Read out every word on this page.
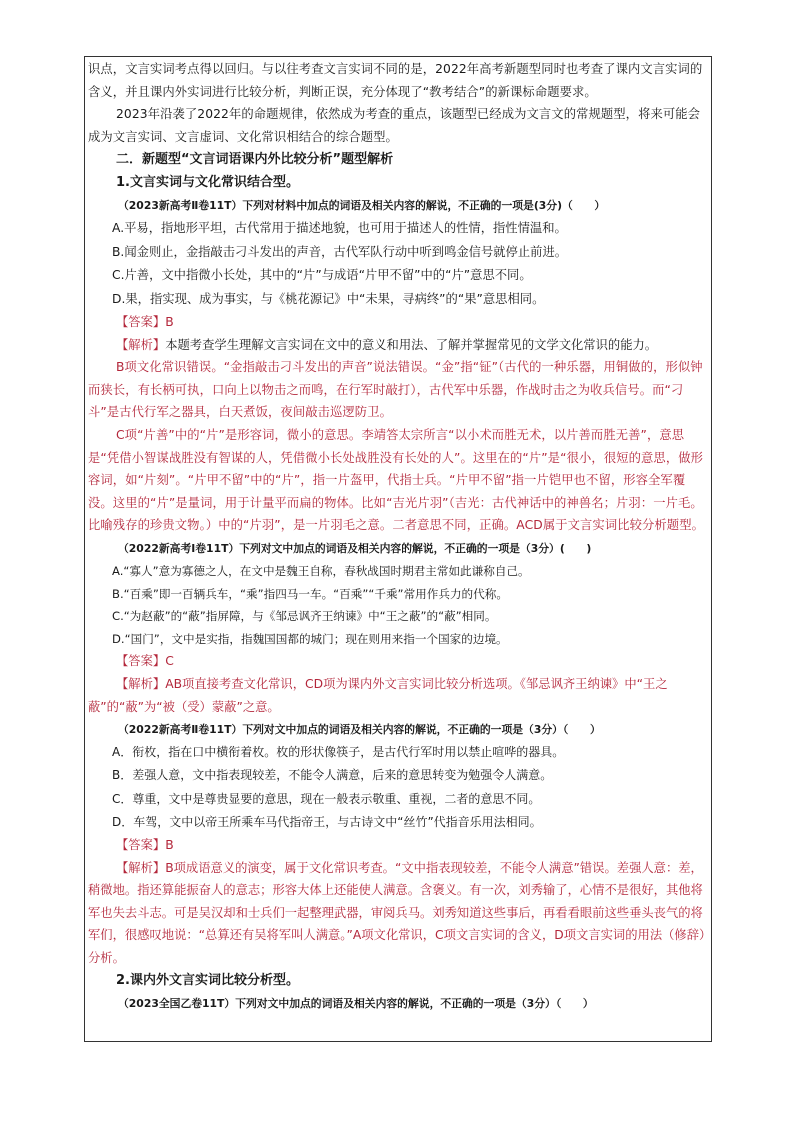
识点，文言实词考点得以回归。与以往考查文言实词不同的是，2022年高考新题型同时也考查了课内文言实词的含义，并且课内外实词进行比较分析，判断正误，充分体现了“教考结合”的新课标命题要求。

2023年沿袭了2022年的命题规律，依然成为考查的重点，该题型已经成为文言文的常规题型，将来可能会成为文言实词、文言虚词、文化常识相结合的综合题型。

二．新题型“文言词语课内外比较分析”题型解析

1.文言实词与文化常识结合型。

（2023新高考Ⅱ卷11T）下列对材料中加点的词语及相关内容的解说，不正确的一项是(3分)（　　）

A.平易，指地形平坦，古代常用于描述地貌，也可用于描述人的性情，指性情温和。

B.闻金则止，金指敲击刁斗发出的声音，古代军队行动中听到鸣金信号就停止前进。

C.片善，文中指微小长处，其中的“片”与成语“片甲不留”中的“片”意思不同。

D.果，指实现、成为事实，与《桃花源记》中“未果，寻病终”的“果”意思相同。

【答案】B

【解析】本题考查学生理解文言实词在文中的意义和用法、了解并掌握常见的文学文化常识的能力。

B项文化常识错误。“金指敲击刁斗发出的声音”说法错误。“金”指“钲”（古代的一种乐器，用铜做的，形似钟而狭长，有长柄可执，口向上以物击之而鸣，在行军时敲打），古代军中乐器，作战时击之为收兵信号。而“刁斗”是古代行军之器具，白天煮饭，夜间敲击巡逻防卫。

C项“片善”中的“片”是形容词，微小的意思。李靖答太宗所言“以小术而胜无术，以片善而胜无善”，意思是“凭借小智谋战胜没有智谋的人，凭借微小长处战胜没有长处的人”。这里在的“片”是“很小，很短的意思，做形容词，如“片刻”。“片甲不留”中的“片”，指一片盔甲，代指士兵。“片甲不留”指一片铠甲也不留，形容全军覆没。这里的“片”是量词，用于计量平而扁的物体。比如“吉光片羽”（吉光：古代神话中的神兽名；片羽：一片毛。比喻残存的珍贵文物。）中的“片羽”，是一片羽毛之意。二者意思不同，正确。ACD属于文言实词比较分析题型。

（2022新高考Ⅰ卷11T）下列对文中加点的词语及相关内容的解说，不正确的一项是（3分）(　　)

A.“寡人”意为寡德之人，在文中是魏王自称，春秋战国时期君主常如此谦称自己。

B.“百乘”即一百辆兵车，“乘”指四马一车。“百乘”“千乘”常用作兵力的代称。

C.“为赵蔽”的“蔽”指屏障，与《邹忌讽齐王纳谏》中“王之蔽”的“蔽”相同。

D.“国门”，文中是实指，指魏国国都的城门；现在则用来指一个国家的边境。

【答案】C

【解析】AB项直接考查文化常识，CD项为课内外文言实词比较分析选项。《邹忌讽齐王纳谏》中“王之蔽”的“蔽”为“被（受）蒙蔽”之意。

（2022新高考Ⅱ卷11T）下列对文中加点的词语及相关内容的解说，不正确的一项是（3分）（　　）

A．衔枚，指在口中横衔着枚。枚的形状像筷子，是古代行军时用以禁止喧哗的器具。

B．差强人意，文中指表现较差，不能令人满意，后来的意思转变为勉强令人满意。

C．尊重，文中是尊贵显要的意思，现在一般表示敬重、重视，二者的意思不同。

D．车驾，文中以帝王所乘车马代指帝王，与古诗文中“丝竹”代指音乐用法相同。

【答案】B

【解析】B项成语意义的演变，属于文化常识考查。“文中指表现较差，不能令人满意”错误。差强人意：差，稍微地。指还算能振奋人的意志；形容大体上还能使人满意。含褒义。有一次，刘秀输了，心情不是很好，其他将军也失去斗志。可是吴汉却和士兵们一起整理武器，审阅兵马。刘秀知道这些事后，再看看眼前这些垂头丧气的将军们，很感叹地说：“总算还有吴将军叫人满意。”A项文化常识，C项文言实词的含义，D项文言实词的用法（修辞）分析。

2.课内外文言实词比较分析型。

（2023全国乙卷11T）下列对文中加点的词语及相关内容的解说，不正确的一项是（3分）（　　）
